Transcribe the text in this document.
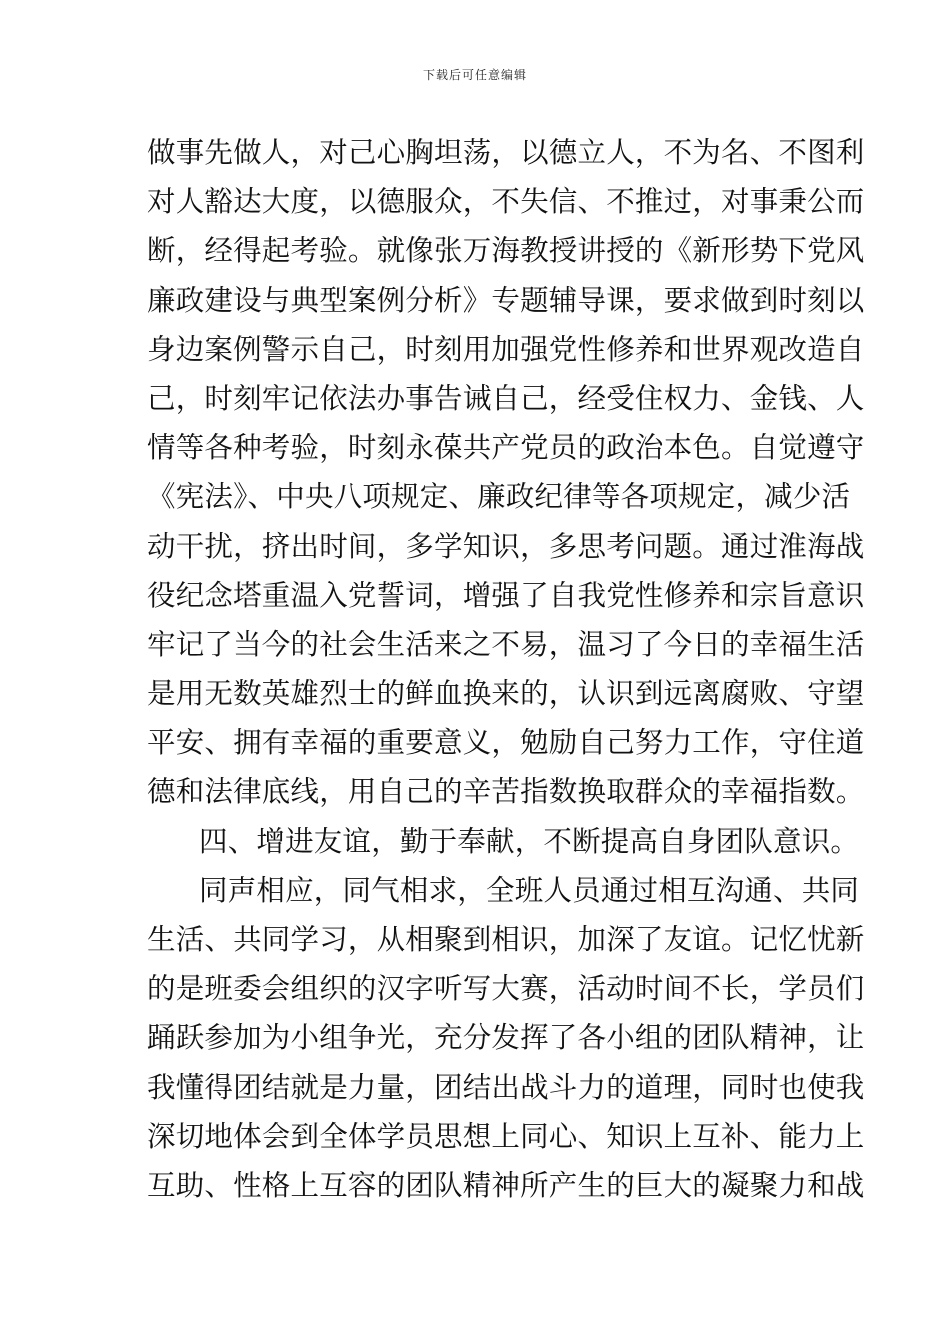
下载后可任意编辑
做事先做人，对己心胸坦荡，以德立人，不为名、不图利
对人豁达大度，以德服众，不失信、不推过，对事秉公而
断，经得起考验。就像张万海教授讲授的《新形势下党风
廉政建设与典型案例分析》专题辅导课，要求做到时刻以
身边案例警示自己，时刻用加强党性修养和世界观改造自
己，时刻牢记依法办事告诫自己，经受住权力、金钱、人
情等各种考验，时刻永葆共产党员的政治本色。自觉遵守
《宪法》、中央八项规定、廉政纪律等各项规定，减少活
动干扰，挤出时间，多学知识，多思考问题。通过淮海战
役纪念塔重温入党誓词，增强了自我党性修养和宗旨意识
牢记了当今的社会生活来之不易，温习了今日的幸福生活
是用无数英雄烈士的鲜血换来的，认识到远离腐败、守望
平安、拥有幸福的重要意义，勉励自己努力工作，守住道
德和法律底线，用自己的辛苦指数换取群众的幸福指数。
四、增进友谊，勤于奉献，不断提高自身团队意识。
同声相应，同气相求，全班人员通过相互沟通、共同
生活、共同学习，从相聚到相识，加深了友谊。记忆忧新
的是班委会组织的汉字听写大赛，活动时间不长，学员们
踊跃参加为小组争光，充分发挥了各小组的团队精神，让
我懂得团结就是力量，团结出战斗力的道理，同时也使我
深切地体会到全体学员思想上同心、知识上互补、能力上
互助、性格上互容的团队精神所产生的巨大的凝聚力和战
